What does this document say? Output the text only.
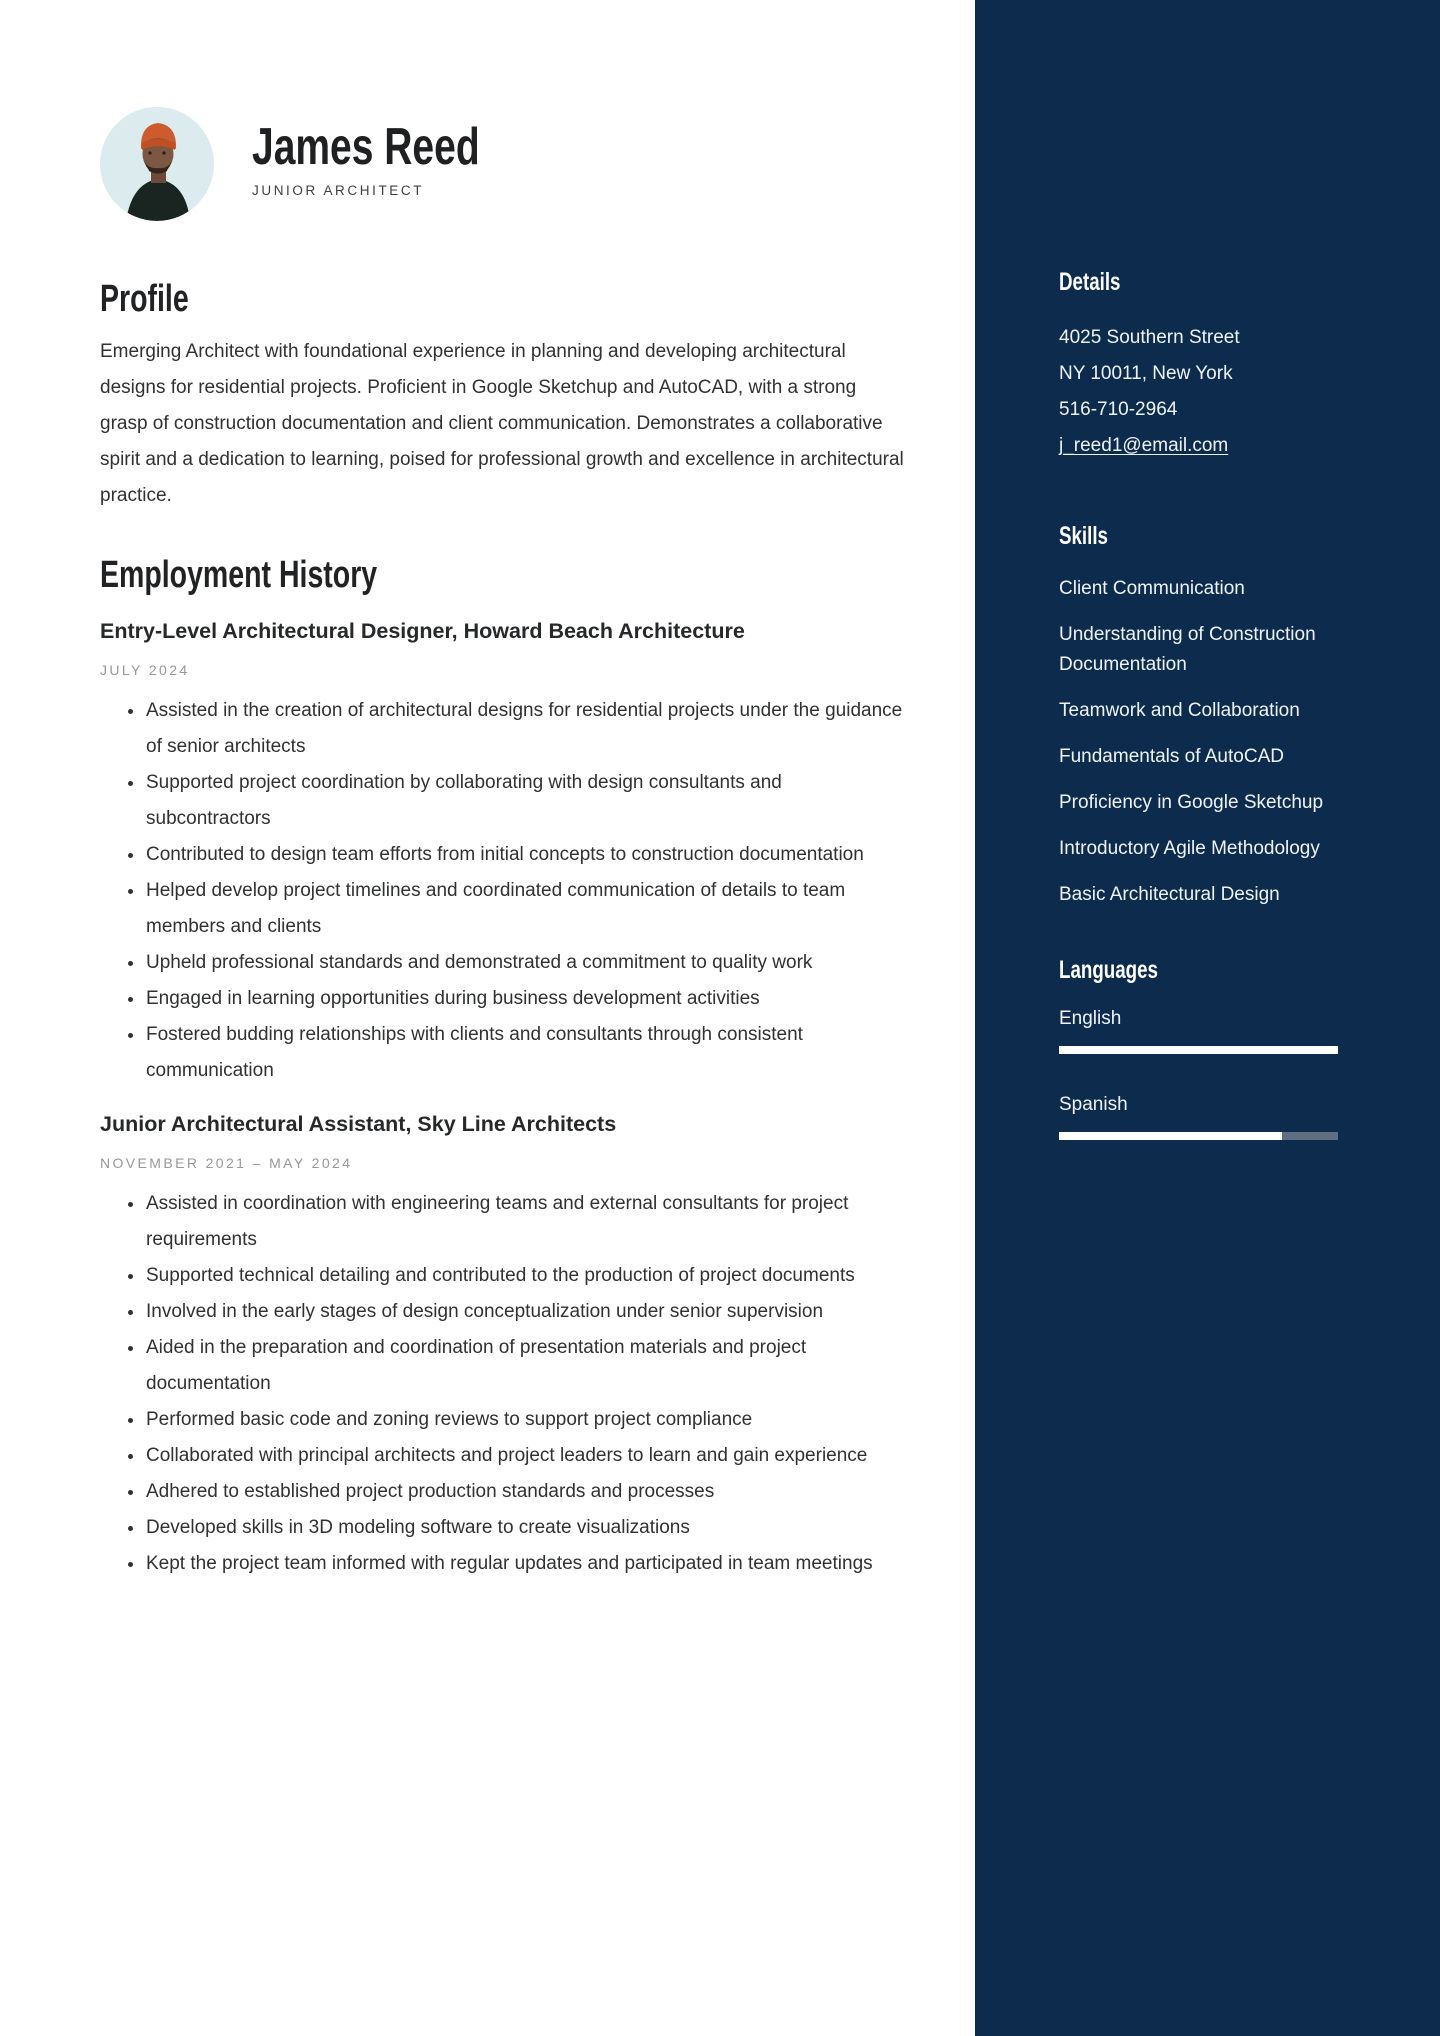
James Reed
JUNIOR ARCHITECT
Profile

Emerging Architect with foundational experience in planning and developing architectural designs for residential projects. Proficient in Google Sketchup and AutoCAD, with a strong grasp of construction documentation and client communication. Demonstrates a collaborative spirit and a dedication to learning, poised for professional growth and excellence in architectural practice.

Employment History
Entry-Level Architectural Designer, Howard Beach Architecture
JULY 2024
• Assisted in the creation of architectural designs for residential projects under the guidance of senior architects
• Supported project coordination by collaborating with design consultants and subcontractors
• Contributed to design team efforts from initial concepts to construction documentation
• Helped develop project timelines and coordinated communication of details to team members and clients
• Upheld professional standards and demonstrated a commitment to quality work
• Engaged in learning opportunities during business development activities
• Fostered budding relationships with clients and consultants through consistent communication
Junior Architectural Assistant, Sky Line Architects
NOVEMBER 2021 – MAY 2024
• Assisted in coordination with engineering teams and external consultants for project requirements
• Supported technical detailing and contributed to the production of project documents
• Involved in the early stages of design conceptualization under senior supervision
• Aided in the preparation and coordination of presentation materials and project documentation
• Performed basic code and zoning reviews to support project compliance
• Collaborated with principal architects and project leaders to learn and gain experience
• Adhered to established project production standards and processes
• Developed skills in 3D modeling software to create visualizations
• Kept the project team informed with regular updates and participated in team meetings
Details
4025 Southern Street
NY 10011, New York
516-710-2964
j_reed1@email.com
Skills
Client Communication
Understanding of Construction Documentation
Teamwork and Collaboration
Fundamentals of AutoCAD
Proficiency in Google Sketchup
Introductory Agile Methodology
Basic Architectural Design
Languages
English
Spanish
